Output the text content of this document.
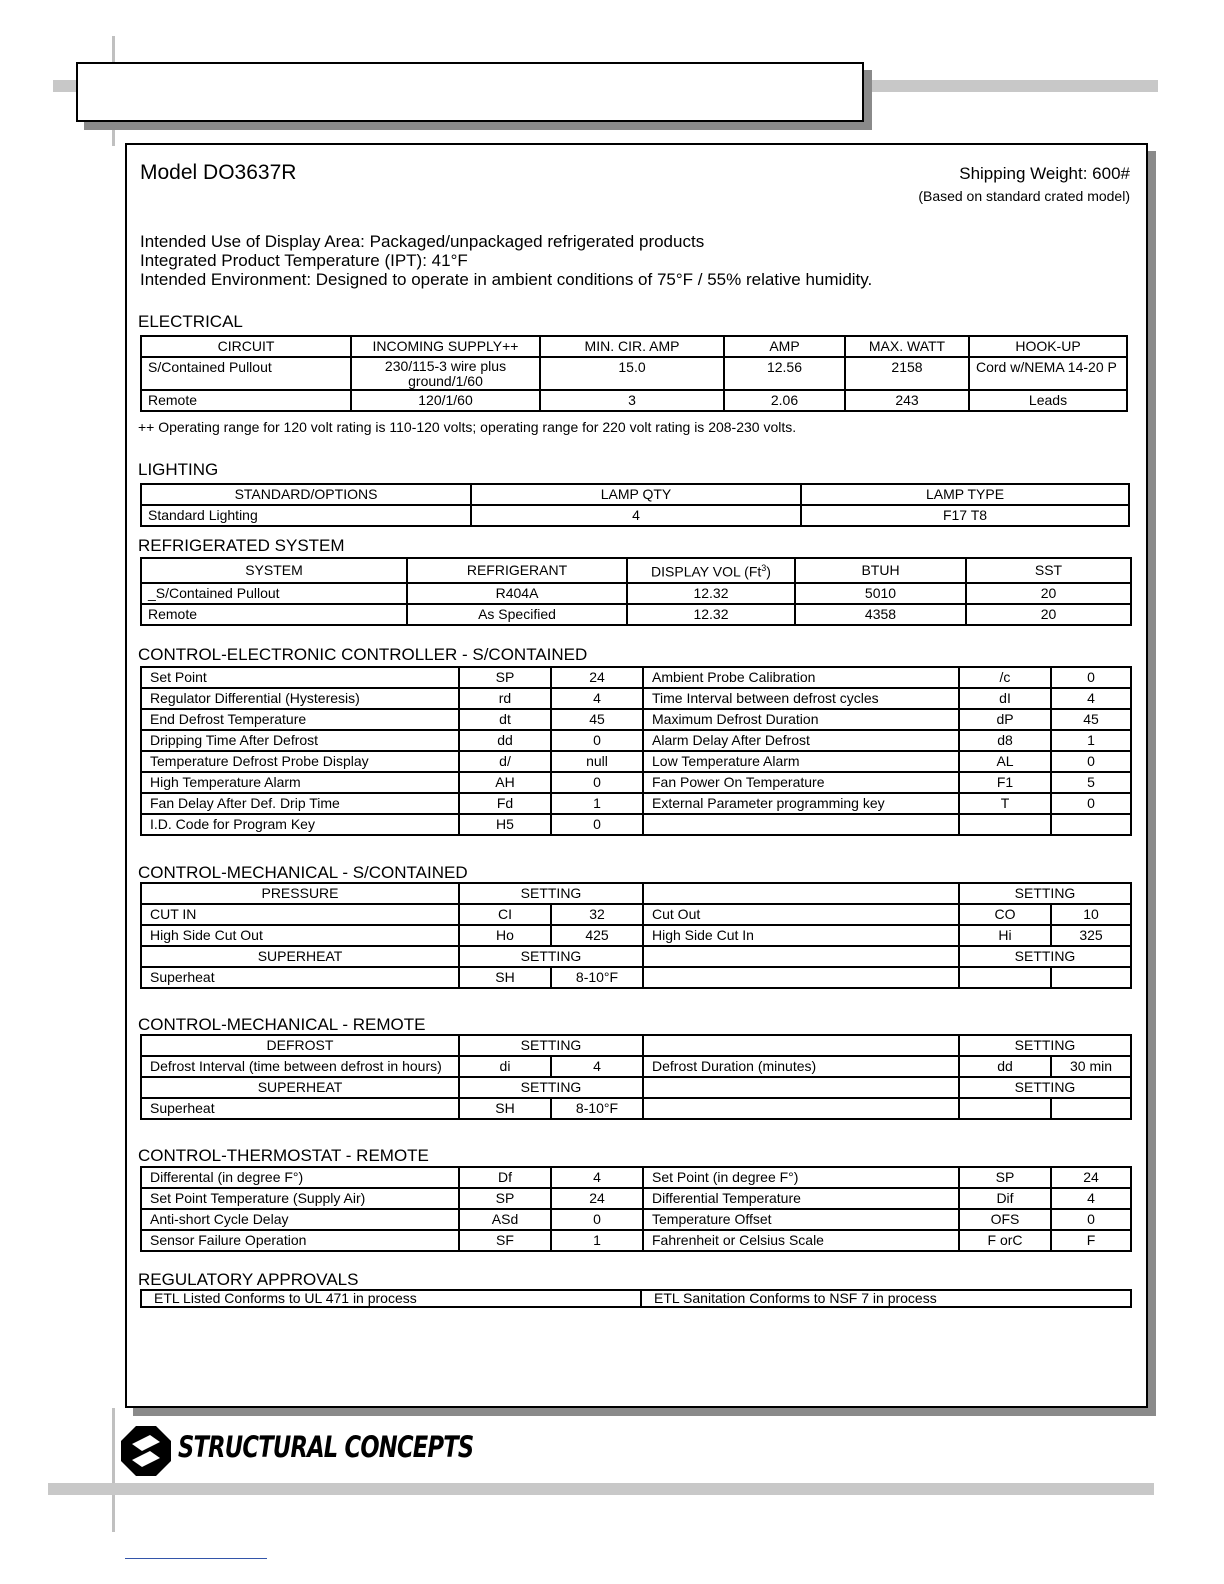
Model DO3637R	Shipping Weight: 600#
(Based on standard crated model)
Intended Use of Display Area: Packaged/unpackaged refrigerated products
Integrated Product Temperature (IPT): 41°F
Intended Environment: Designed to operate in ambient conditions of 75°F / 55% relative humidity.
ELECTRICAL
CIRCUIT	INCOMING SUPPLY++	MIN. CIR. AMP	AMP	MAX. WATT	HOOK-UP
S/Contained Pullout	230/115-3 wire plus
ground/1/60	15.0	12.56	2158	Cord w/NEMA 14-20 P
Remote	120/1/60	3	2.06	243	Leads
++ Operating range for 120 volt rating is 110-120 volts; operating range for 220 volt rating is 208-230 volts.
LIGHTING
STANDARD/OPTIONS	LAMP QTY	LAMP TYPE
Standard Lighting	4	F17 T8
REFRIGERATED SYSTEM
SYSTEM	REFRIGERANT	DISPLAY VOL (Ft$^3$)	BTUH	SST
_S/Contained Pullout	R404A	12.32	5010	20
Remote	As Specified	12.32	4358	20
CONTROL-ELECTRONIC CONTROLLER - S/CONTAINED
Set Point	SP	24	Ambient Probe Calibration	/c	0
Regulator Differential (Hysteresis)	rd	4	Time Interval between defrost cycles	dI	4
End Defrost Temperature	dt	45	Maximum Defrost Duration	dP	45
Dripping Time After Defrost	dd	0	Alarm Delay After Defrost	d8	1
Temperature Defrost Probe Display	d/	null	Low Temperature Alarm	AL	0
High Temperature Alarm	AH	0	Fan Power On Temperature	F1	5
Fan Delay After Def. Drip Time	Fd	1	External Parameter programming key	T	0
I.D. Code for Program Key	H5	0			
CONTROL-MECHANICAL - S/CONTAINED
PRESSURE	SETTING			SETTING	
CUT IN	CI	32	Cut Out	CO	10
High Side Cut Out	Ho	425	High Side Cut In	Hi	325
SUPERHEAT	SETTING			SETTING	
Superheat	SH	8-10°F			
CONTROL-MECHANICAL - REMOTE
DEFROST	SETTING			SETTING	
Defrost Interval (time between defrost in hours)	di	4	Defrost Duration (minutes)	dd	30 min
SUPERHEAT	SETTING			SETTING	
Superheat	SH	8-10°F			
CONTROL-THERMOSTAT - REMOTE
Differental (in degree F°)	Df	4	Set Point (in degree F°)	SP	24
Set Point Temperature (Supply Air)	SP	24	Differential Temperature	Dif	4
Anti-short Cycle Delay	ASd	0	Temperature Offset	OFS	0
Sensor Failure Operation	SF	1	Fahrenheit or Celsius Scale	F orC	F
REGULATORY APPROVALS
ETL Listed Conforms to UL 471 in process	ETL Sanitation Conforms to NSF 7 in process
STRUCTURAL CONCEPTS
